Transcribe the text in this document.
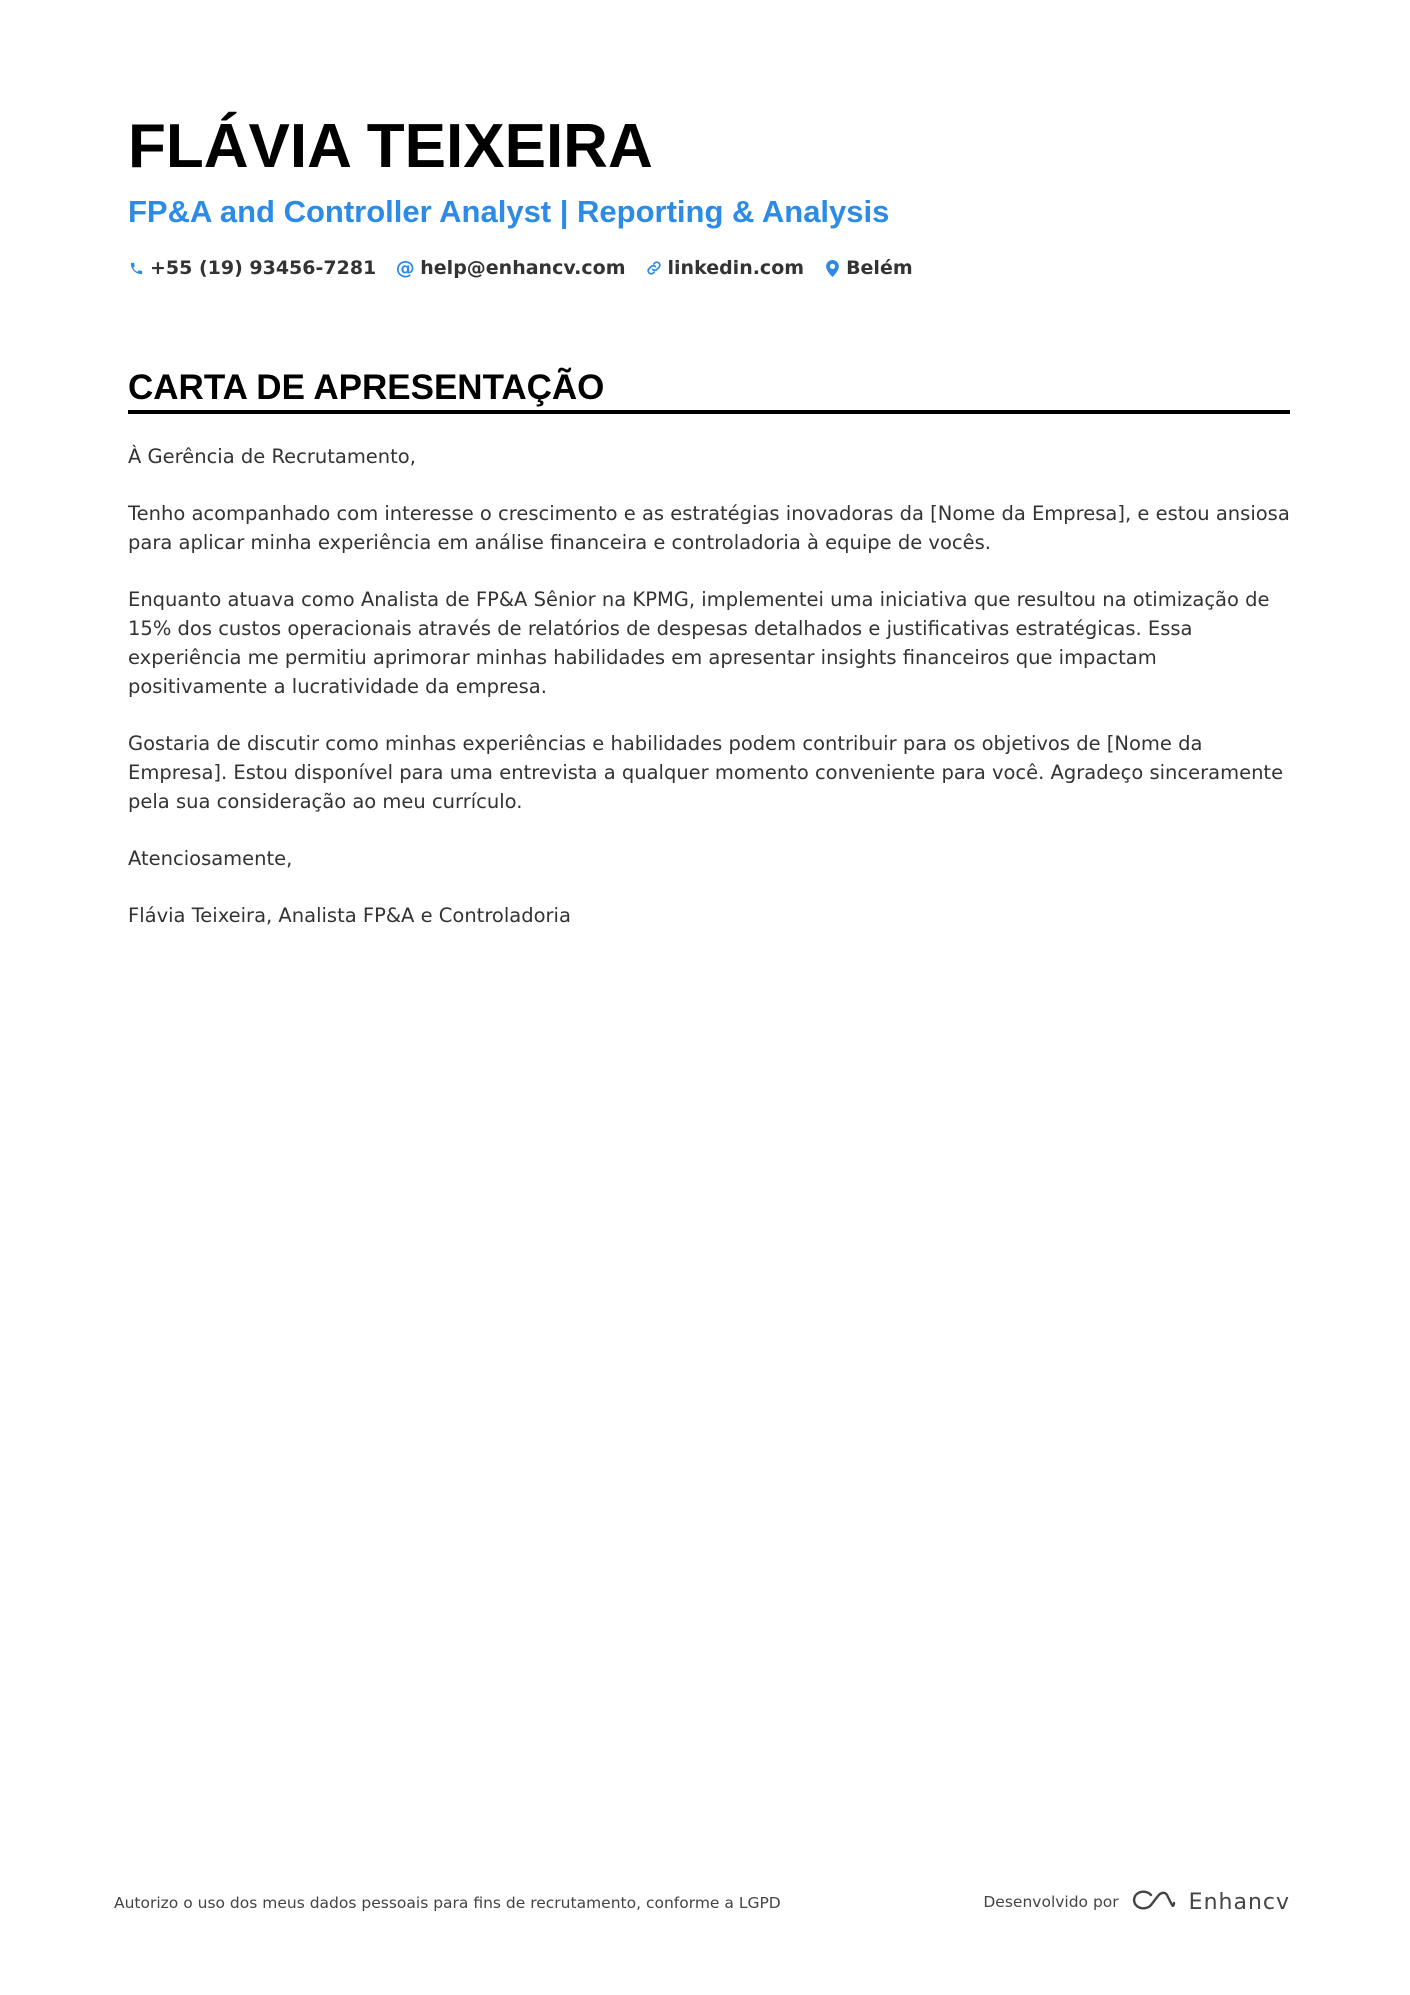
FLÁVIA TEIXEIRA
FP&A and Controller Analyst | Reporting & Analysis
+55 (19) 93456-7281 @ help@enhancv.com linkedin.com Belém
CARTA DE APRESENTAÇÃO

À Gerência de Recrutamento,

Tenho acompanhado com interesse o crescimento e as estratégias inovadoras da [Nome da Empresa], e estou ansiosa para aplicar minha experiência em análise financeira e controladoria à equipe de vocês.

Enquanto atuava como Analista de FP&A Sênior na KPMG, implementei uma iniciativa que resultou na otimização de 15% dos custos operacionais através de relatórios de despesas detalhados e justificativas estratégicas. Essa experiência me permitiu aprimorar minhas habilidades em apresentar insights financeiros que impactam positivamente a lucratividade da empresa.

Gostaria de discutir como minhas experiências e habilidades podem contribuir para os objetivos de [Nome da Empresa]. Estou disponível para uma entrevista a qualquer momento conveniente para você. Agradeço sinceramente pela sua consideração ao meu currículo.

Atenciosamente,

Flávia Teixeira, Analista FP&A e Controladoria

Autorizo o uso dos meus dados pessoais para fins de recrutamento, conforme a LGPD	Desenvolvido por	Enhancv
